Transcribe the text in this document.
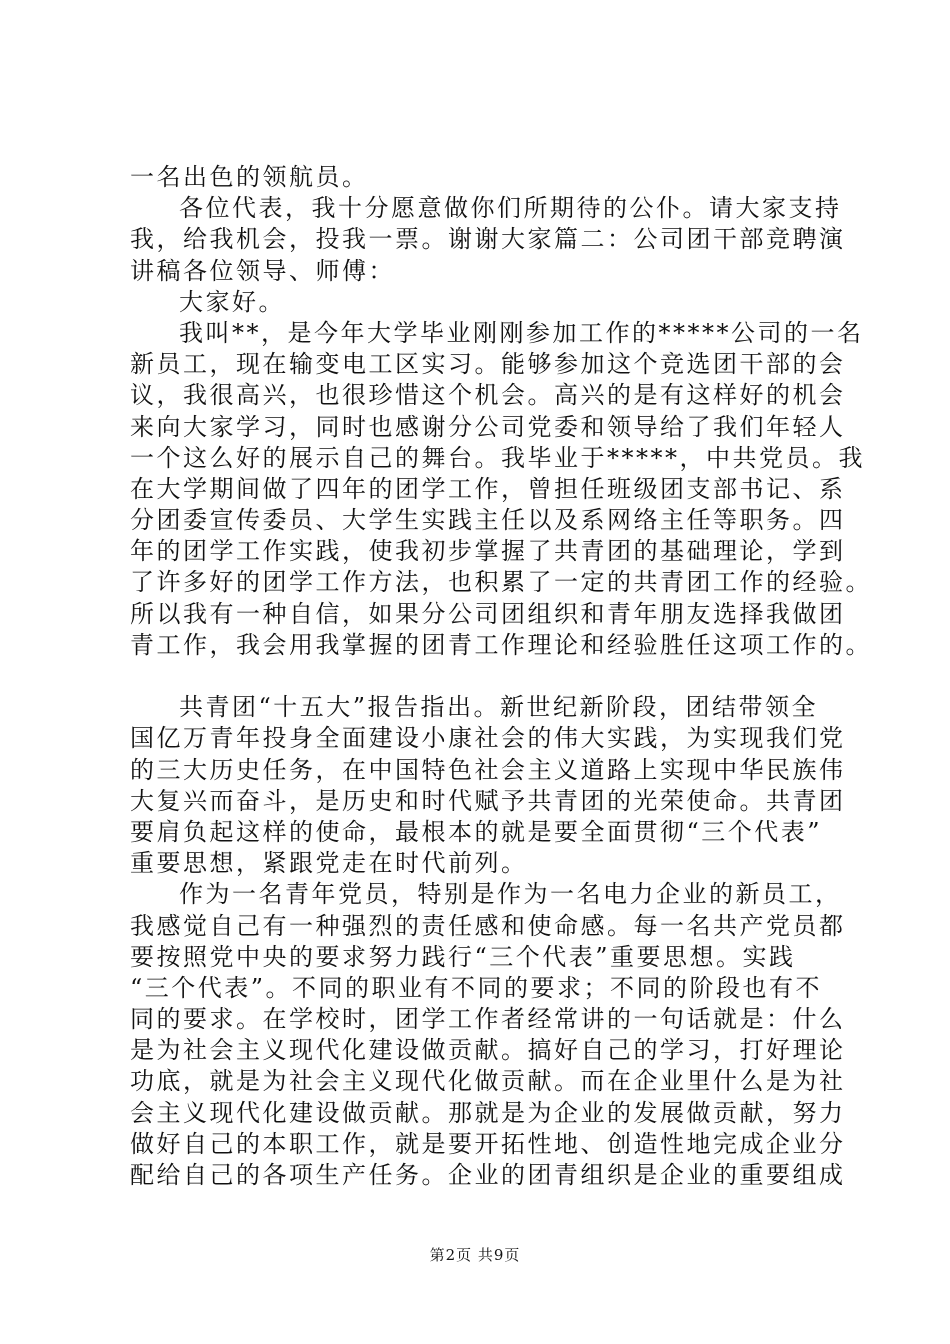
一名出色的领航员。
各位代表，我十分愿意做你们所期待的公仆。请大家支持
我，给我机会，投我一票。谢谢大家篇二：公司团干部竞聘演
讲稿各位领导、师傅：
大家好。
我叫**，是今年大学毕业刚刚参加工作的*****公司的一名
新员工，现在输变电工区实习。能够参加这个竞选团干部的会
议，我很高兴，也很珍惜这个机会。高兴的是有这样好的机会
来向大家学习，同时也感谢分公司党委和领导给了我们年轻人
一个这么好的展示自己的舞台。我毕业于*****，中共党员。我
在大学期间做了四年的团学工作，曾担任班级团支部书记、系
分团委宣传委员、大学生实践主任以及系网络主任等职务。四
年的团学工作实践，使我初步掌握了共青团的基础理论，学到
了许多好的团学工作方法，也积累了一定的共青团工作的经验。
所以我有一种自信，如果分公司团组织和青年朋友选择我做团
青工作，我会用我掌握的团青工作理论和经验胜任这项工作的。
共青团“十五大”报告指出。新世纪新阶段，团结带领全
国亿万青年投身全面建设小康社会的伟大实践，为实现我们党
的三大历史任务，在中国特色社会主义道路上实现中华民族伟
大复兴而奋斗，是历史和时代赋予共青团的光荣使命。共青团
要肩负起这样的使命，最根本的就是要全面贯彻“三个代表”
重要思想，紧跟党走在时代前列。
作为一名青年党员，特别是作为一名电力企业的新员工，
我感觉自己有一种强烈的责任感和使命感。每一名共产党员都
要按照党中央的要求努力践行“三个代表”重要思想。实践
“三个代表”。不同的职业有不同的要求；不同的阶段也有不
同的要求。在学校时，团学工作者经常讲的一句话就是：什么
是为社会主义现代化建设做贡献。搞好自己的学习，打好理论
功底，就是为社会主义现代化做贡献。而在企业里什么是为社
会主义现代化建设做贡献。那就是为企业的发展做贡献，努力
做好自己的本职工作，就是要开拓性地、创造性地完成企业分
配给自己的各项生产任务。企业的团青组织是企业的重要组成
第2页 共9页
